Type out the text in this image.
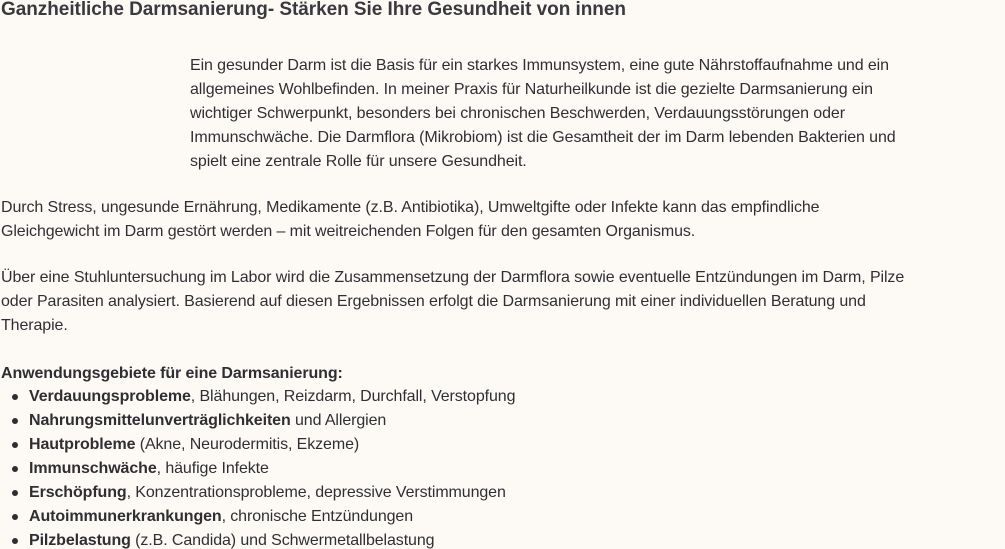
Ganzheitliche Darmsanierung- Stärken Sie Ihre Gesundheit von innen

Ein gesunder Darm ist die Basis für ein starkes Immunsystem, eine gute Nährstoffaufnahme und ein
allgemeines Wohlbefinden. In meiner Praxis für Naturheilkunde ist die gezielte Darmsanierung ein
wichtiger Schwerpunkt, besonders bei chronischen Beschwerden, Verdauungsstörungen oder
Immunschwäche. Die Darmflora (Mikrobiom) ist die Gesamtheit der im Darm lebenden Bakterien und
spielt eine zentrale Rolle für unsere Gesundheit.

Durch Stress, ungesunde Ernährung, Medikamente (z.B. Antibiotika), Umweltgifte oder Infekte kann das empfindliche
Gleichgewicht im Darm gestört werden – mit weitreichenden Folgen für den gesamten Organismus.

Über eine Stuhluntersuchung im Labor wird die Zusammensetzung der Darmflora sowie eventuelle Entzündungen im Darm, Pilze
oder Parasiten analysiert. Basierend auf diesen Ergebnissen erfolgt die Darmsanierung mit einer individuellen Beratung und
Therapie.

Anwendungsgebiete für eine Darmsanierung:

Verdauungsprobleme, Blähungen, Reizdarm, Durchfall, Verstopfung
Nahrungsmittelunverträglichkeiten und Allergien
Hautprobleme (Akne, Neurodermitis, Ekzeme)
Immunschwäche, häufige Infekte
Erschöpfung, Konzentrationsprobleme, depressive Verstimmungen
Autoimmunerkrankungen, chronische Entzündungen
Pilzbelastung (z.B. Candida) und Schwermetallbelastung
